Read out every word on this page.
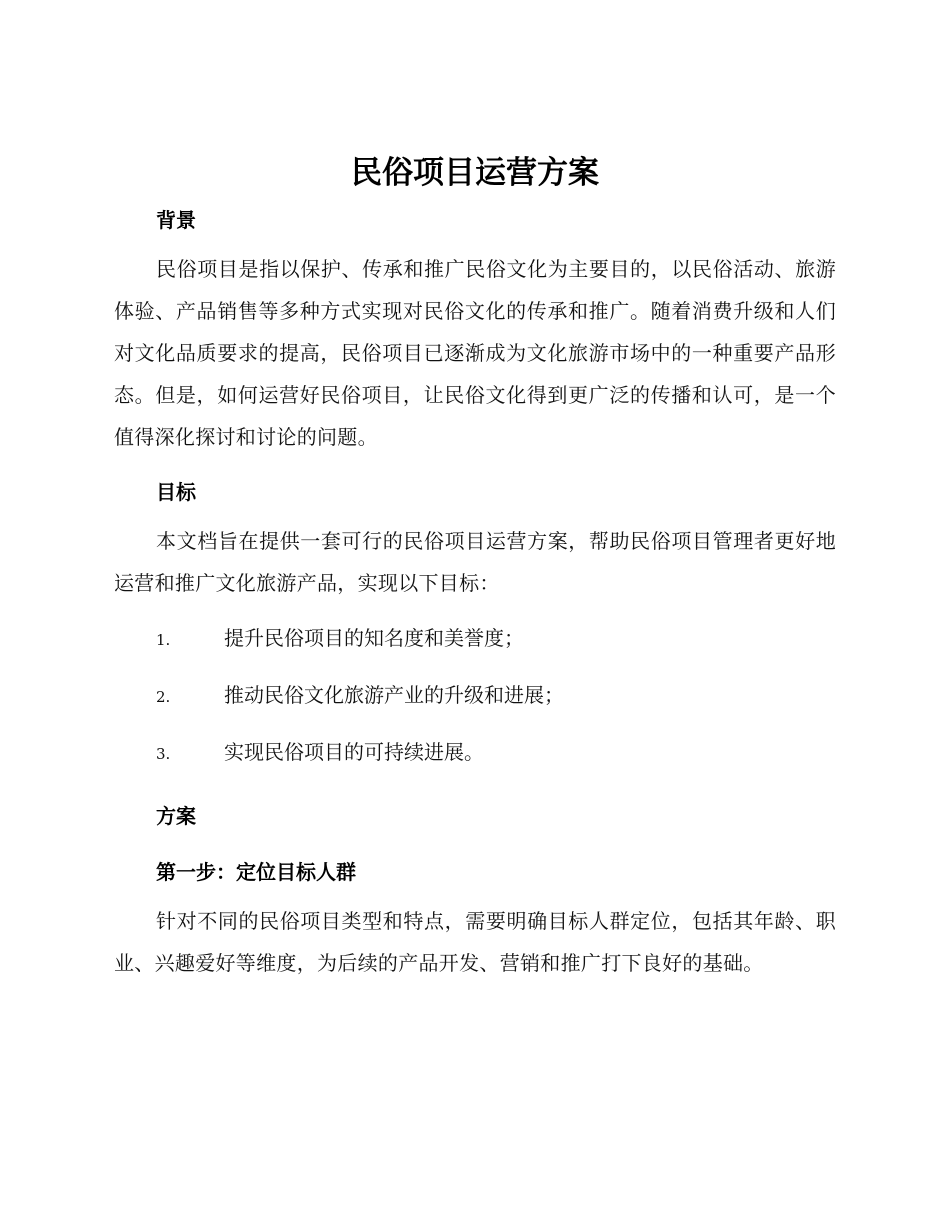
民俗项目运营方案
背景

民俗项目是指以保护、传承和推广民俗文化为主要目的，以民俗活动、旅游体验、产品销售等多种方式实现对民俗文化的传承和推广。随着消费升级和人们对文化品质要求的提高，民俗项目已逐渐成为文化旅游市场中的一种重要产品形态。但是，如何运营好民俗项目，让民俗文化得到更广泛的传播和认可，是一个值得深化探讨和讨论的问题。

目标

本文档旨在提供一套可行的民俗项目运营方案，帮助民俗项目管理者更好地运营和推广文化旅游产品，实现以下目标：

1.	提升民俗项目的知名度和美誉度；
2.	推动民俗文化旅游产业的升级和进展；
3.	实现民俗项目的可持续进展。
方案
第一步：定位目标人群

针对不同的民俗项目类型和特点，需要明确目标人群定位，包括其年龄、职业、兴趣爱好等维度，为后续的产品开发、营销和推广打下良好的基础。
